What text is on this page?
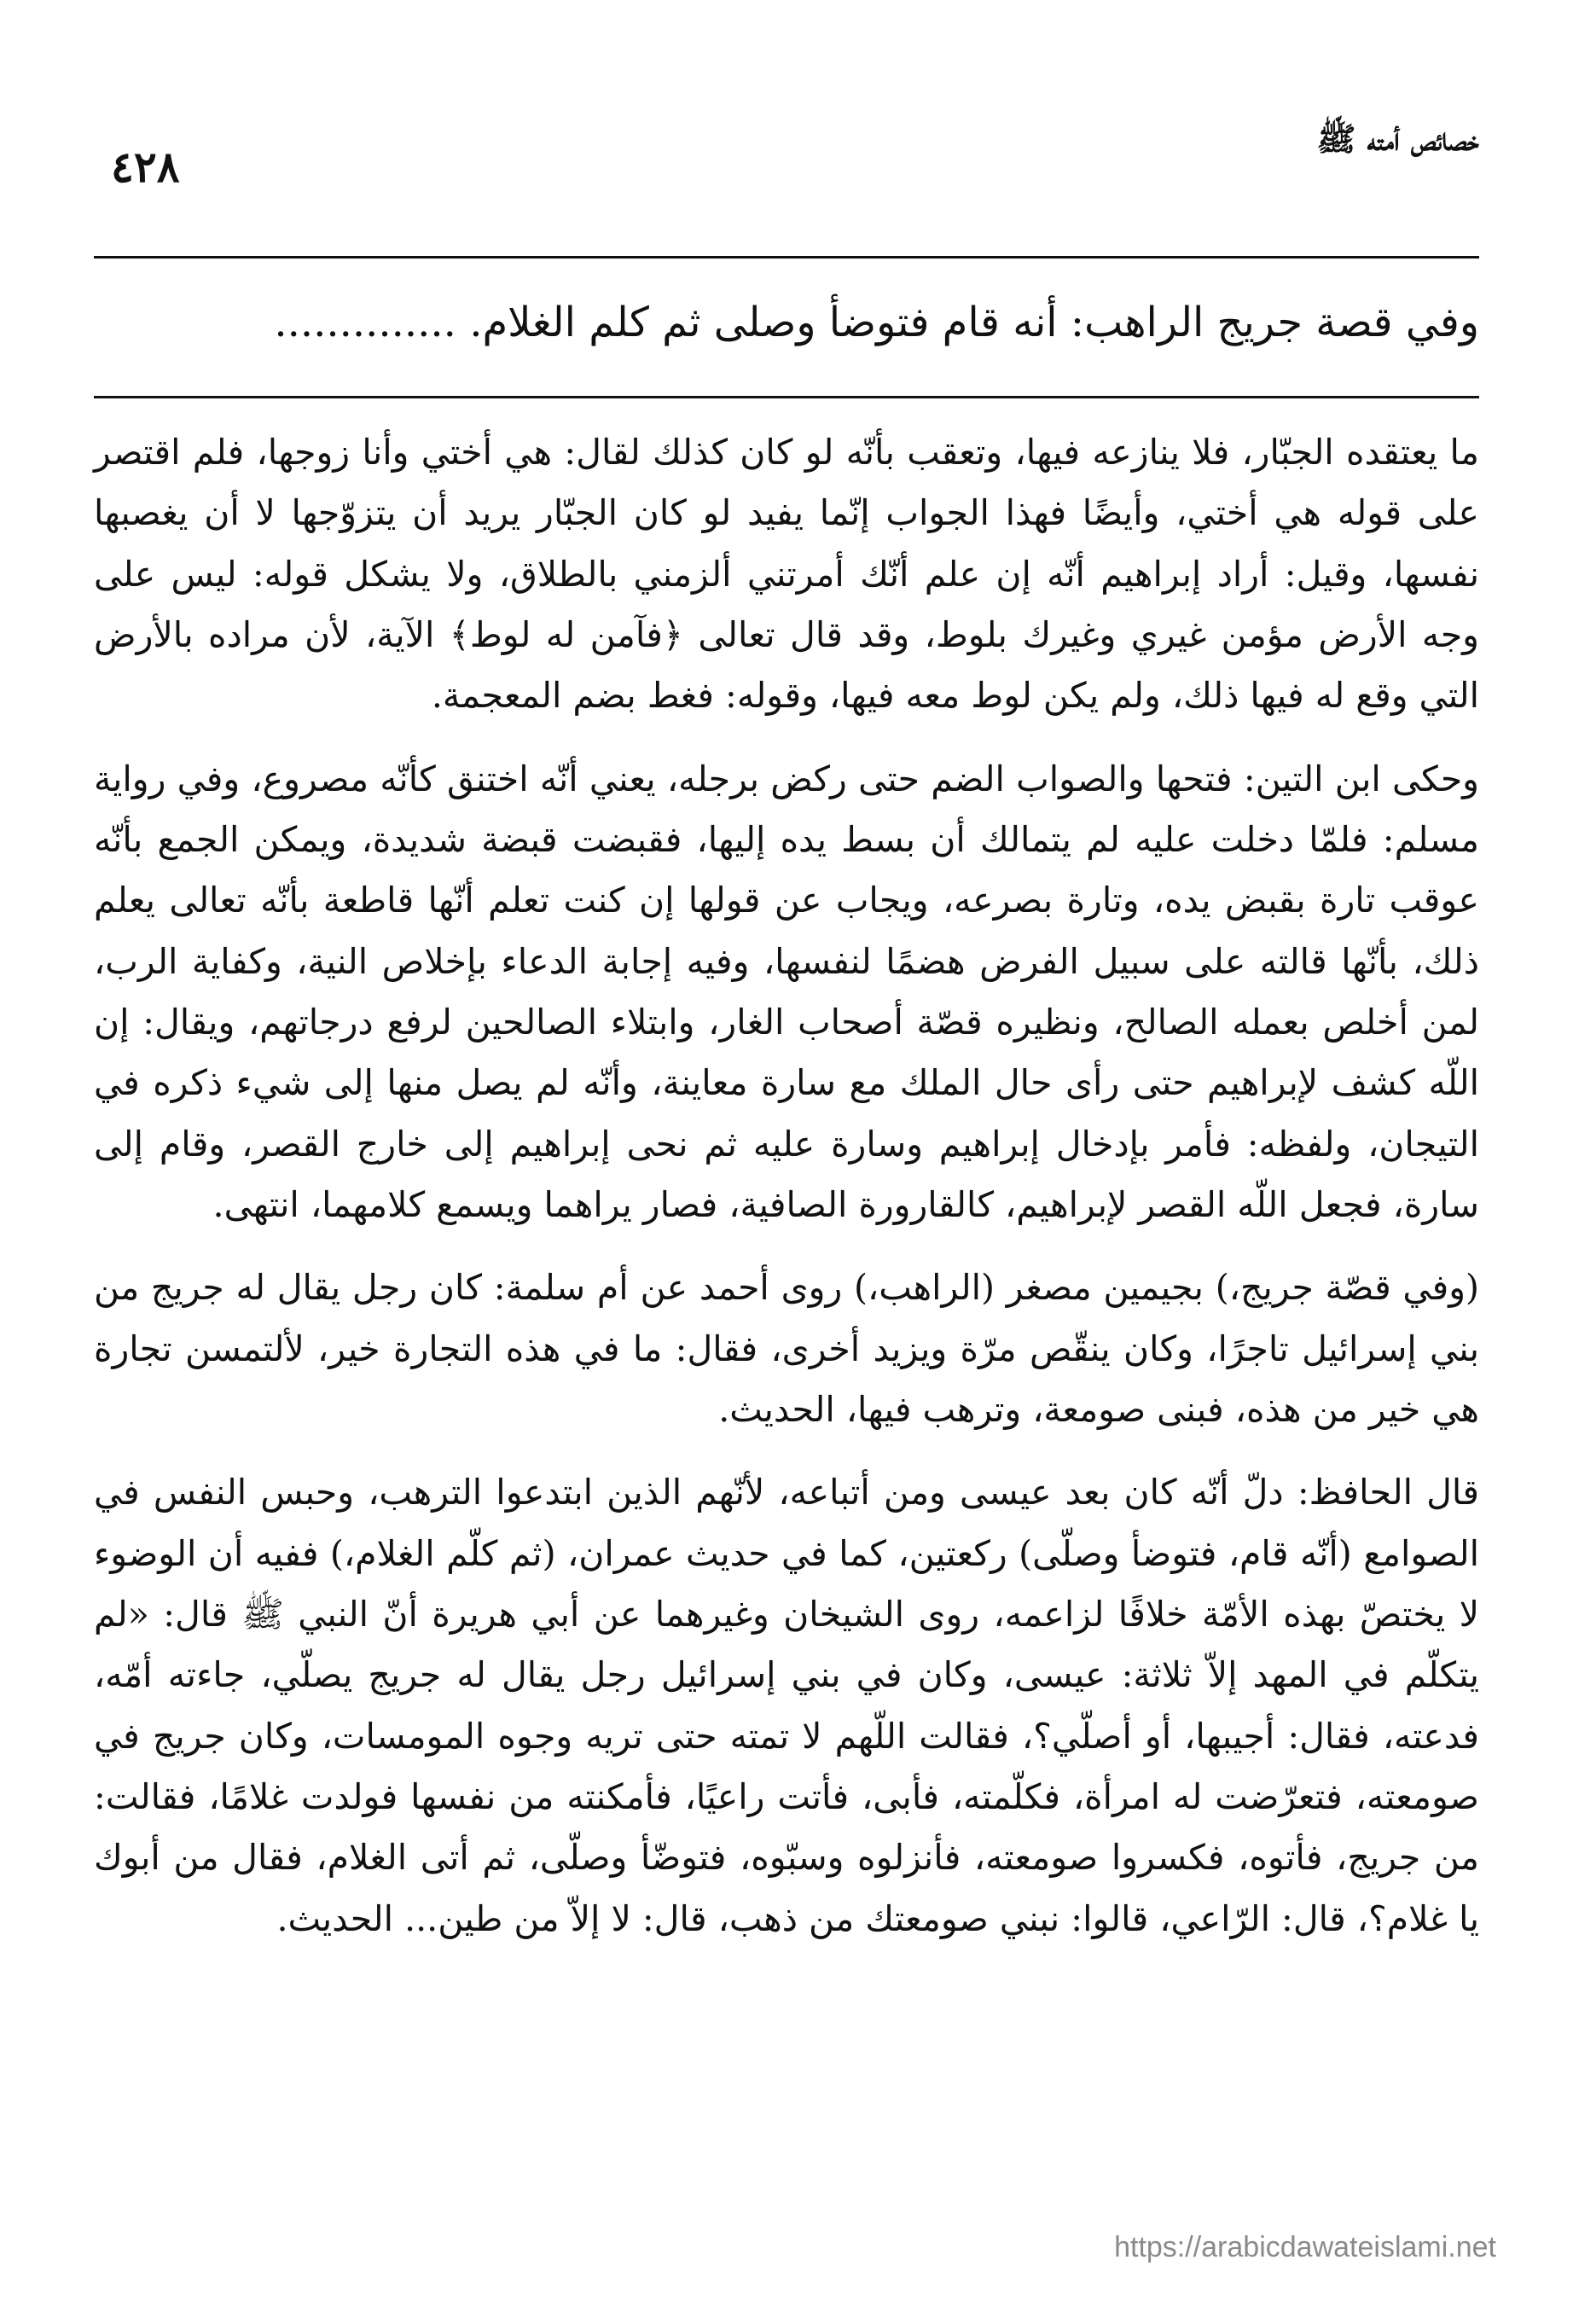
خصائص أمته ﷺ
٤٢٨
وفي قصة جريج الراهب: أنه قام فتوضأ وصلى ثم كلم الغلام. ..............

ما يعتقده الجبّار، فلا ينازعه فيها، وتعقب بأنّه لو كان كذلك لقال: هي أختي وأنا زوجها، فلم اقتصر على قوله هي أختي، وأيضًا فهذا الجواب إنّما يفيد لو كان الجبّار يريد أن يتزوّجها لا أن يغصبها نفسها، وقيل: أراد إبراهيم أنّه إن علم أنّك أمرتني ألزمني بالطلاق، ولا يشكل قوله: ليس على وجه الأرض مؤمن غيري وغيرك بلوط، وقد قال تعالى ﴿فآمن له لوط﴾ الآية، لأن مراده بالأرض التي وقع له فيها ذلك، ولم يكن لوط معه فيها، وقوله: فغط بضم المعجمة.

وحكى ابن التين: فتحها والصواب الضم حتى ركض برجله، يعني أنّه اختنق كأنّه مصروع، وفي رواية مسلم: فلمّا دخلت عليه لم يتمالك أن بسط يده إليها، فقبضت قبضة شديدة، ويمكن الجمع بأنّه عوقب تارة بقبض يده، وتارة بصرعه، ويجاب عن قولها إن كنت تعلم أنّها قاطعة بأنّه تعالى يعلم ذلك، بأنّها قالته على سبيل الفرض هضمًا لنفسها، وفيه إجابة الدعاء بإخلاص النية، وكفاية الرب، لمن أخلص بعمله الصالح، ونظيره قصّة أصحاب الغار، وابتلاء الصالحين لرفع درجاتهم، ويقال: إن اللّه كشف لإبراهيم حتى رأى حال الملك مع سارة معاينة، وأنّه لم يصل منها إلى شيء ذكره في التيجان، ولفظه: فأمر بإدخال إبراهيم وسارة عليه ثم نحى إبراهيم إلى خارج القصر، وقام إلى سارة، فجعل اللّه القصر لإبراهيم، كالقارورة الصافية، فصار يراهما ويسمع كلامهما، انتهى.

(وفي قصّة جريج،) بجيمين مصغر (الراهب،) روى أحمد عن أم سلمة: كان رجل يقال له جريج من بني إسرائيل تاجرًا، وكان ينقّص مرّة ويزيد أخرى، فقال: ما في هذه التجارة خير، لألتمسن تجارة هي خير من هذه، فبنى صومعة، وترهب فيها، الحديث.

قال الحافظ: دلّ أنّه كان بعد عيسى ومن أتباعه، لأنّهم الذين ابتدعوا الترهب، وحبس النفس في الصوامع (أنّه قام، فتوضأ وصلّى) ركعتين، كما في حديث عمران، (ثم كلّم الغلام،) ففيه أن الوضوء لا يختصّ بهذه الأمّة خلافًا لزاعمه، روى الشيخان وغيرهما عن أبي هريرة أنّ النبي ﷺ قال: «لم يتكلّم في المهد إلاّ ثلاثة: عيسى، وكان في بني إسرائيل رجل يقال له جريج يصلّي، جاءته أمّه، فدعته، فقال: أجيبها، أو أصلّي؟، فقالت اللّهم لا تمته حتى تريه وجوه المومسات، وكان جريج في صومعته، فتعرّضت له امرأة، فكلّمته، فأبى، فأتت راعيًا، فأمكنته من نفسها فولدت غلامًا، فقالت: من جريج، فأتوه، فكسروا صومعته، فأنزلوه وسبّوه، فتوضّأ وصلّى، ثم أتى الغلام، فقال من أبوك يا غلام؟، قال: الرّاعي، قالوا: نبني صومعتك من ذهب، قال: لا إلاّ من طين... الحديث.

https://arabicdawateislami.net
